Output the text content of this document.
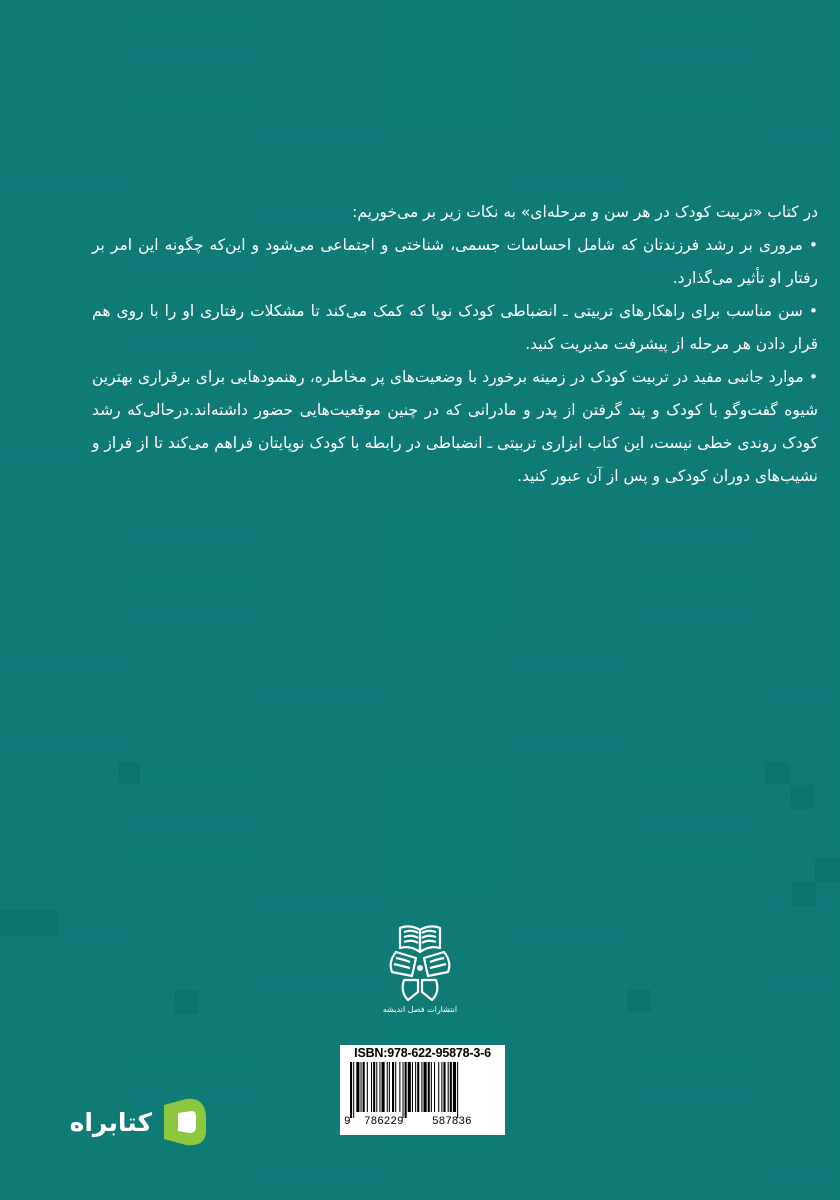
در کتاب «تربیت کودک در هر سن و مرحله‌ای» به نکات زیر بر می‌خوریم:

• مروری بر رشد فرزندتان که شامل احساسات جسمی، شناختی و اجتماعی می‌شود و این‌که چگونه این امر بر رفتار او تأثیر می‌گذارد.

• سن مناسب برای راهکارهای تربیتی ـ انضباطی کودک نوپا که کمک می‌کند تا مشکلات رفتاری او را با روی هم قرار دادن هر مرحله از پیشرفت مدیریت کنید.

• موارد جانبی مفید در تربیت کودک در زمینه برخورد با وضعیت‌های پر مخاطره، رهنمودهایی برای برقراری بهترین شیوه گفت‌وگو با کودک و پند گرفتن از پدر و مادرانی که در چنین موقعیت‌هایی حضور داشته‌اند.درحالی‌که رشد کودک روندی خطی نیست، این کتاب ابزاری تربیتی ـ انضباطی در رابطه با کودک نوپایتان فراهم می‌کند تا از فراز و نشیب‌های دوران کودکی و پس از آن عبور کنید.

انتشارات فصل اندیشه
ISBN:978-622-95878-3-6
9 786229	587836
کتابراه
